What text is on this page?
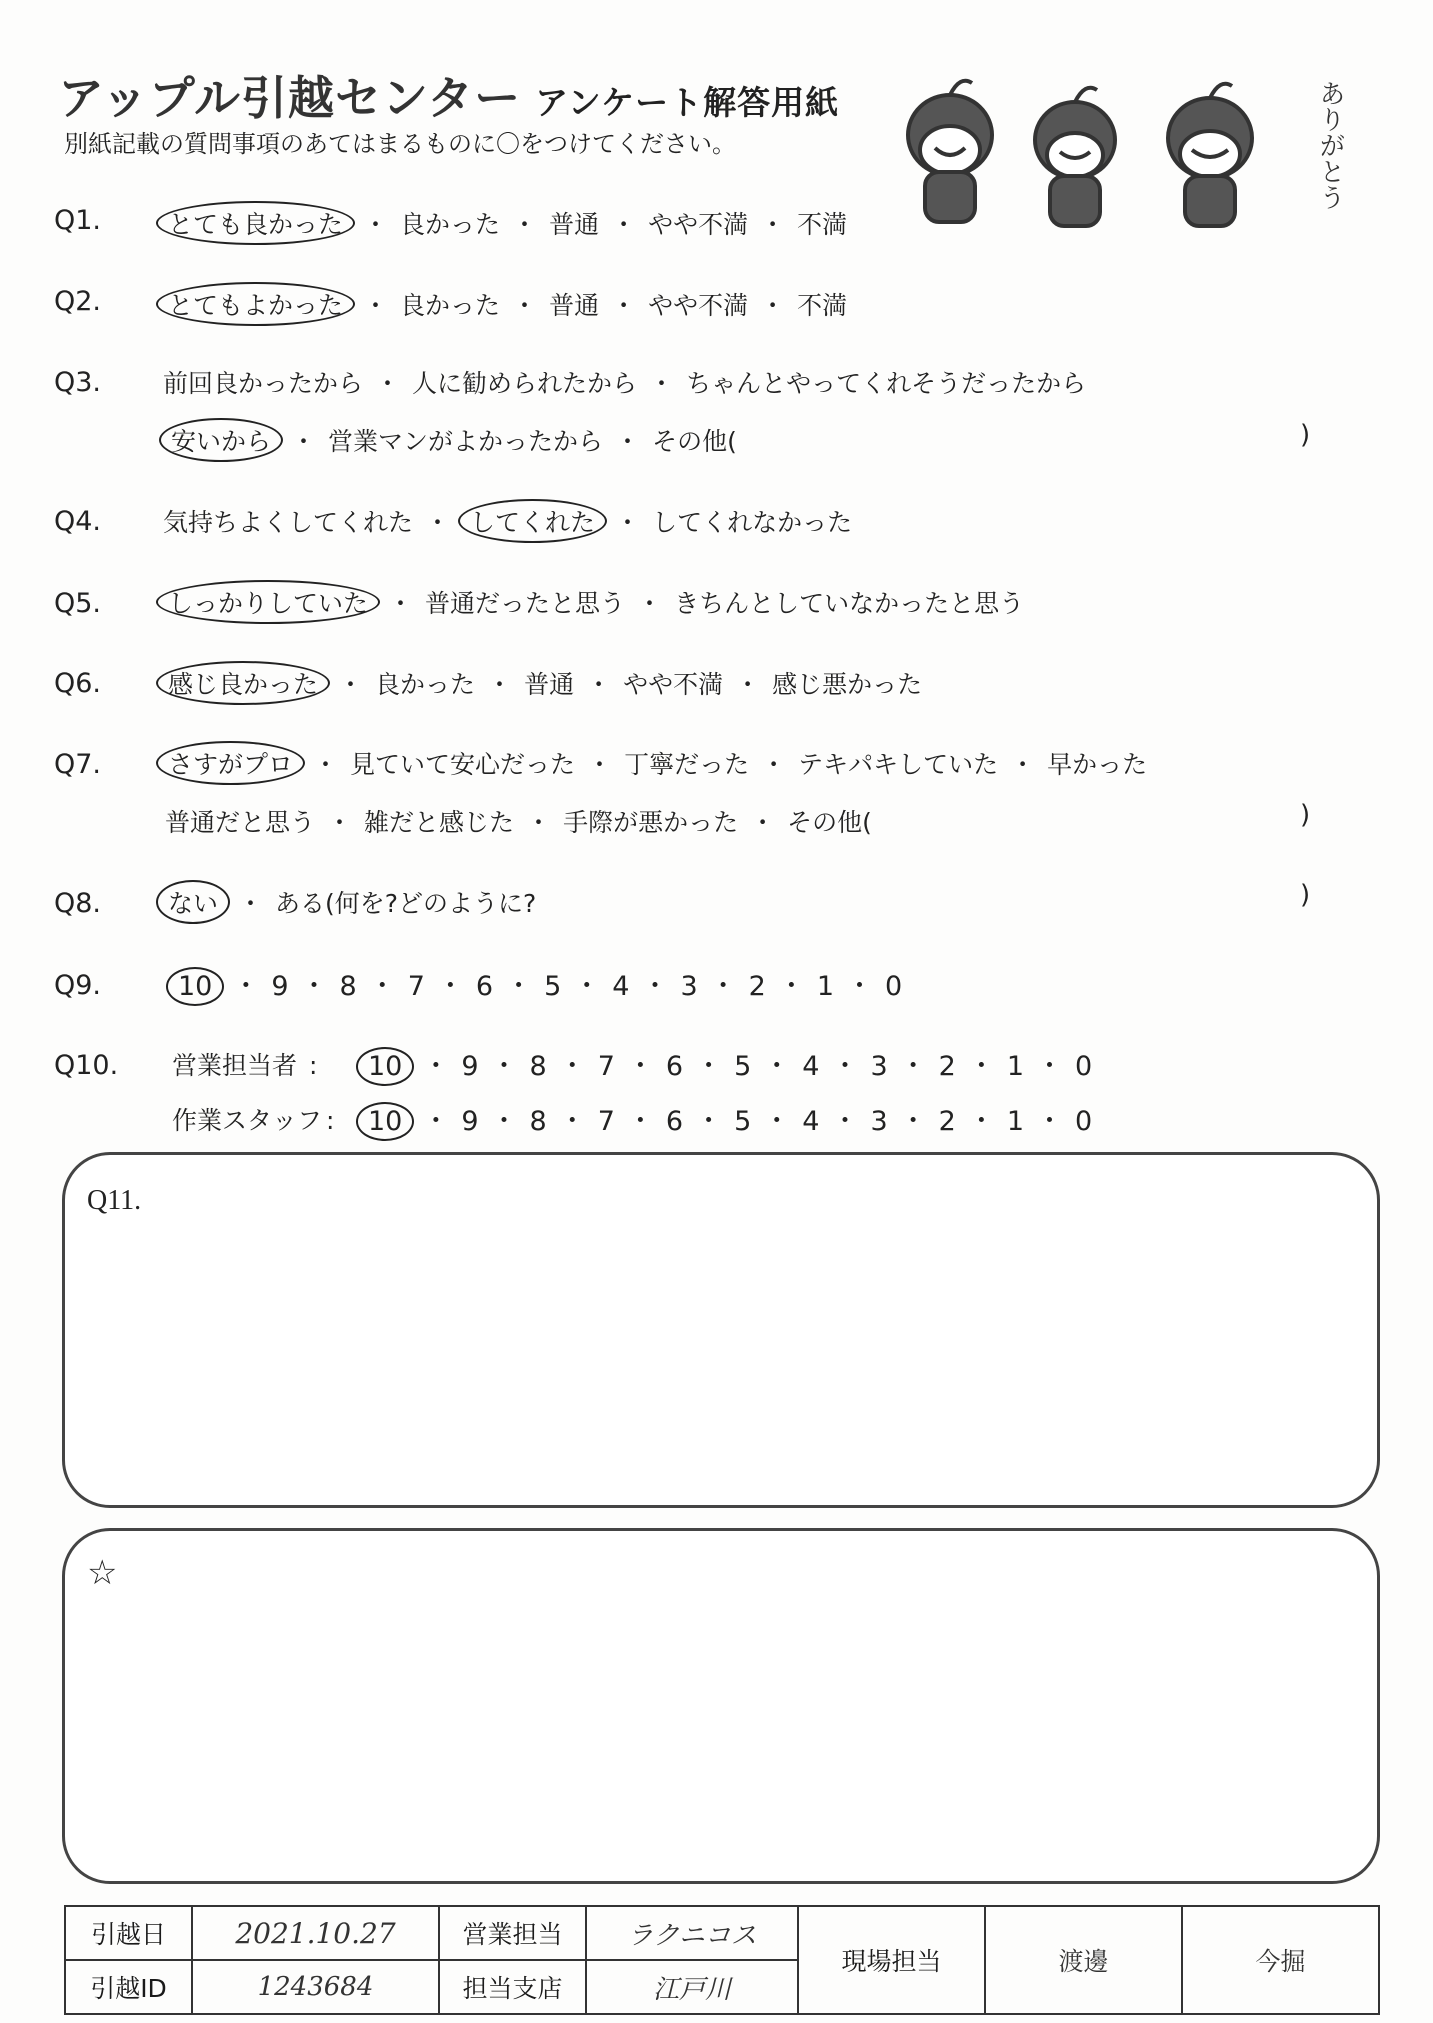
アップル引越センター アンケート解答用紙
別紙記載の質問事項のあてはまるものに〇をつけてください。	ありがとう
Q1.	とても良かった ・ 良かった ・ 普通 ・ やや不満 ・ 不満
Q2.	とてもよかった ・ 良かった ・ 普通 ・ やや不満 ・ 不満
Q3. 前回良かったから ・ 人に勧められたから ・ ちゃんとやってくれそうだったから
安いから ・ 営業マンがよかったから ・ その他(	)
Q4. 気持ちよくしてくれた ・ してくれた ・ してくれなかった
Q5.	しっかりしていた ・ 普通だったと思う ・ きちんとしていなかったと思う
Q6.	感じ良かった ・ 良かった ・ 普通 ・ やや不満 ・ 感じ悪かった
Q7.	さすがプロ ・ 見ていて安心だった ・ 丁寧だった ・ テキパキしていた ・ 早かった
普通だと思う ・ 雑だと感じた ・ 手際が悪かった ・ その他(	)
Q8.	ない ・ ある(何を?どのように?	)
Q9.	10 ・ 9 ・ 8 ・ 7 ・ 6 ・ 5 ・ 4 ・ 3 ・ 2 ・ 1 ・ 0
Q10. 営業担当者 : 10 ・ 9 ・ 8 ・ 7 ・ 6 ・ 5 ・ 4 ・ 3 ・ 2 ・ 1 ・ 0
作業スタッフ : 10 ・ 9 ・ 8 ・ 7 ・ 6 ・ 5 ・ 4 ・ 3 ・ 2 ・ 1 ・ 0
Q11.
☆
引越日	2021.10.27	営業担当	ラクニコス	現場担当	渡邊	今掘
引越ID	1243684	担当支店	江戸川			
